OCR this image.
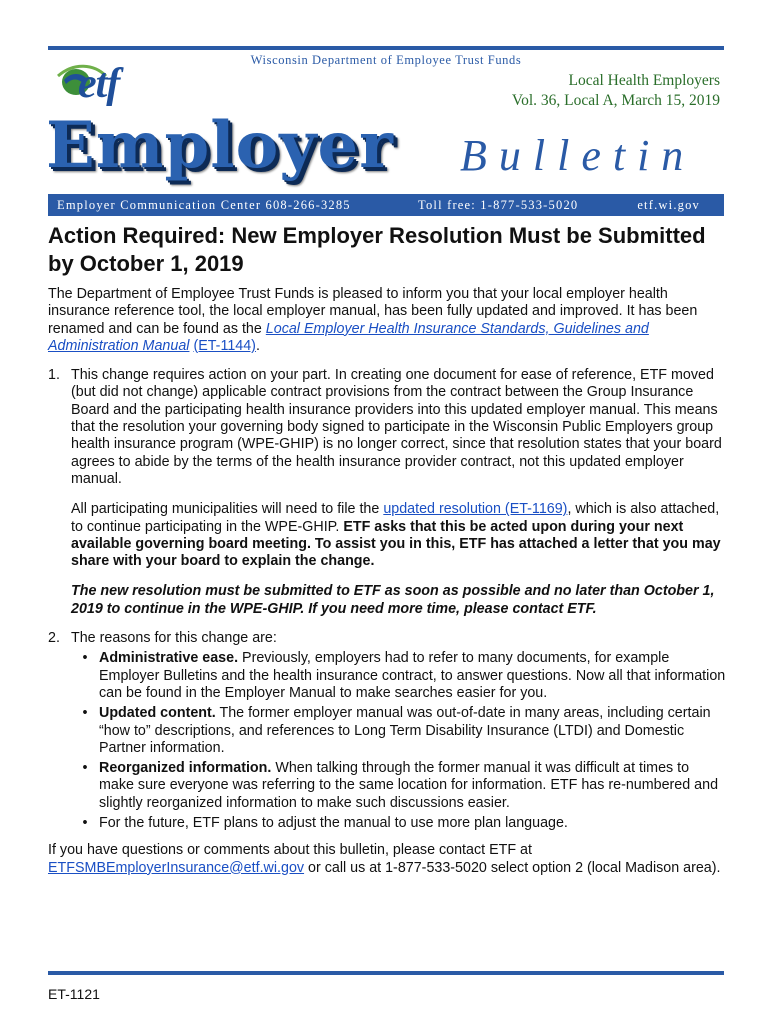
Wisconsin Department of Employee Trust Funds
etf	Local Health Employers
Vol. 36, Local A, March 15, 2019
Employer Bulletin
Employer Communication Center 608-266-3285	Toll free: 1-877-533-5020	etf.wi.gov
Action Required: New Employer Resolution Must be Submitted by October 1, 2019

The Department of Employee Trust Funds is pleased to inform you that your local employer health insurance reference tool, the local employer manual, has been fully updated and improved. It has been renamed and can be found as the Local Employer Health Insurance Standards, Guidelines and Administration Manual (ET-1144).

1. This change requires action on your part. In creating one document for ease of reference, ETF moved (but did not change) applicable contract provisions from the contract between the Group Insurance Board and the participating health insurance providers into this updated employer manual. This means that the resolution your governing body signed to participate in the Wisconsin Public Employers group health insurance program (WPE-GHIP) is no longer correct, since that resolution states that your board agrees to abide by the terms of the health insurance provider contract, not this updated employer manual.

All participating municipalities will need to file the updated resolution (ET-1169), which is also attached, to continue participating in the WPE-GHIP. ETF asks that this be acted upon during your next available governing board meeting. To assist you in this, ETF has attached a letter that you may share with your board to explain the change.

The new resolution must be submitted to ETF as soon as possible and no later than October 1, 2019 to continue in the WPE-GHIP. If you need more time, please contact ETF.

2. The reasons for this change are:

• Administrative ease. Previously, employers had to refer to many documents, for example Employer Bulletins and the health insurance contract, to answer questions. Now all that information can be found in the Employer Manual to make searches easier for you.
• Updated content. The former employer manual was out-of-date in many areas, including certain “how to” descriptions, and references to Long Term Disability Insurance (LTDI) and Domestic Partner information.
• Reorganized information. When talking through the former manual it was difficult at times to make sure everyone was referring to the same location for information. ETF has re-numbered and slightly reorganized information to make such discussions easier.
• For the future, ETF plans to adjust the manual to use more plan language.

If you have questions or comments about this bulletin, please contact ETF at ETFSMBEmployerInsurance@etf.wi.gov or call us at 1-877-533-5020 select option 2 (local Madison area).

ET-1121
